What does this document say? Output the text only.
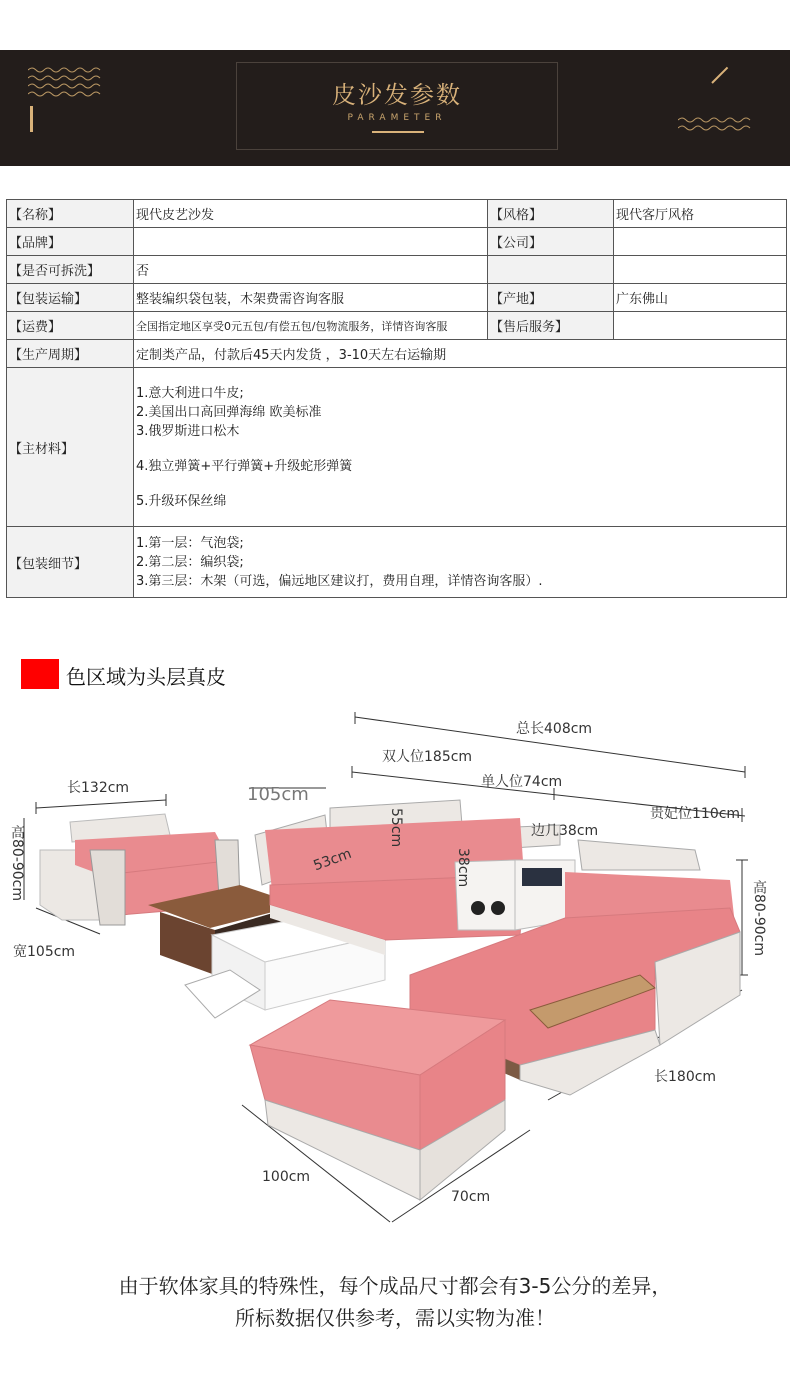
皮沙发参数
PARAMETER
【名称】	现代皮艺沙发	【风格】	现代客厅风格
【品牌】		【公司】	
【是否可拆洗】	否		
【包装运输】	整装编织袋包装，木架费需咨询客服	【产地】	广东佛山
【运费】	全国指定地区享受0元五包/有偿五包/包物流服务，详情咨询客服	【售后服务】	
【生产周期】	定制类产品，付款后45天内发货 ，3-10天左右运输期		
【主材料】	1.意大利进口牛皮;
2.美国出口高回弹海绵 欧美标准
3.俄罗斯进口松木
4.独立弹簧+平行弹簧+升级蛇形弹簧
5.升级环保丝绵		

【包装细节】	1.第一层：气泡袋;
2.第二层：编织袋;
3.第三层：木架（可选，偏远地区建议打，费用自理，详情咨询客服）.		
色区域为头层真皮
总长408cm
双人位185cm
单人位74cm
贵妃位110cm
边几38cm
长132cm
高80-90cm
宽105cm
105cm
55cm
53cm	38cm
高80-90cm
长180cm
100cm
70cm
由于软体家具的特殊性，每个成品尺寸都会有3-5公分的差异，
所标数据仅供参考，需以实物为准！
